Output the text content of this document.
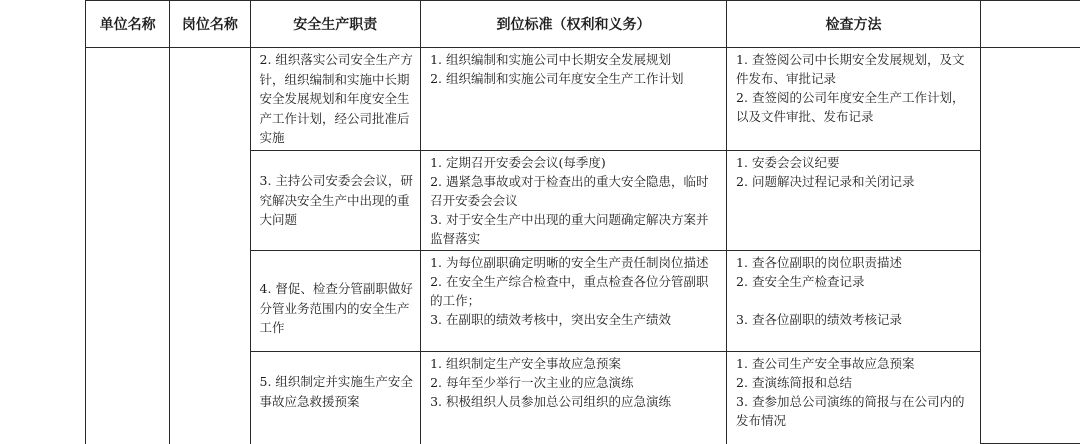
单位名称	岗位名称	安全生产职责	到位标准（权利和义务）	检查方法	

		2. 组织落实公司安全生产方针，组织编制和实施中长期安全发展规划和年度安全生产工作计划，经公司批准后实施	1. 组织编制和实施公司中长期安全发展规划
2. 组织编制和实施公司年度安全生产工作计划	1. 查签阅公司中长期安全发展规划，及文件发布、审批记录
2. 查签阅的公司年度安全生产工作计划，以及文件审批、发布记录	

		3. 主持公司安委会会议，研究解决安全生产中出现的重大问题	1. 定期召开安委会会议(每季度)
2. 遇紧急事故或对于检查出的重大安全隐患，临时召开安委会会议
3. 对于安全生产中出现的重大问题确定解决方案并监督落实	1. 安委会会议纪要
2. 问题解决过程记录和关闭记录	

		4. 督促、检查分管副职做好分管业务范围内的安全生产工作	1. 为每位副职确定明晰的安全生产责任制岗位描述
2. 在安全生产综合检查中，重点检查各位分管副职的工作；
3. 在副职的绩效考核中，突出安全生产绩效	1. 查各位副职的岗位职责描述
2. 查安全生产检查记录
3. 查各位副职的绩效考核记录	

		5. 组织制定并实施生产安全事故应急救援预案	1. 组织制定生产安全事故应急预案
2. 每年至少举行一次主业的应急演练
3. 积极组织人员参加总公司组织的应急演练	1. 查公司生产安全事故应急预案
2. 查演练简报和总结
3. 查参加总公司演练的简报与在公司内的发布情况	
